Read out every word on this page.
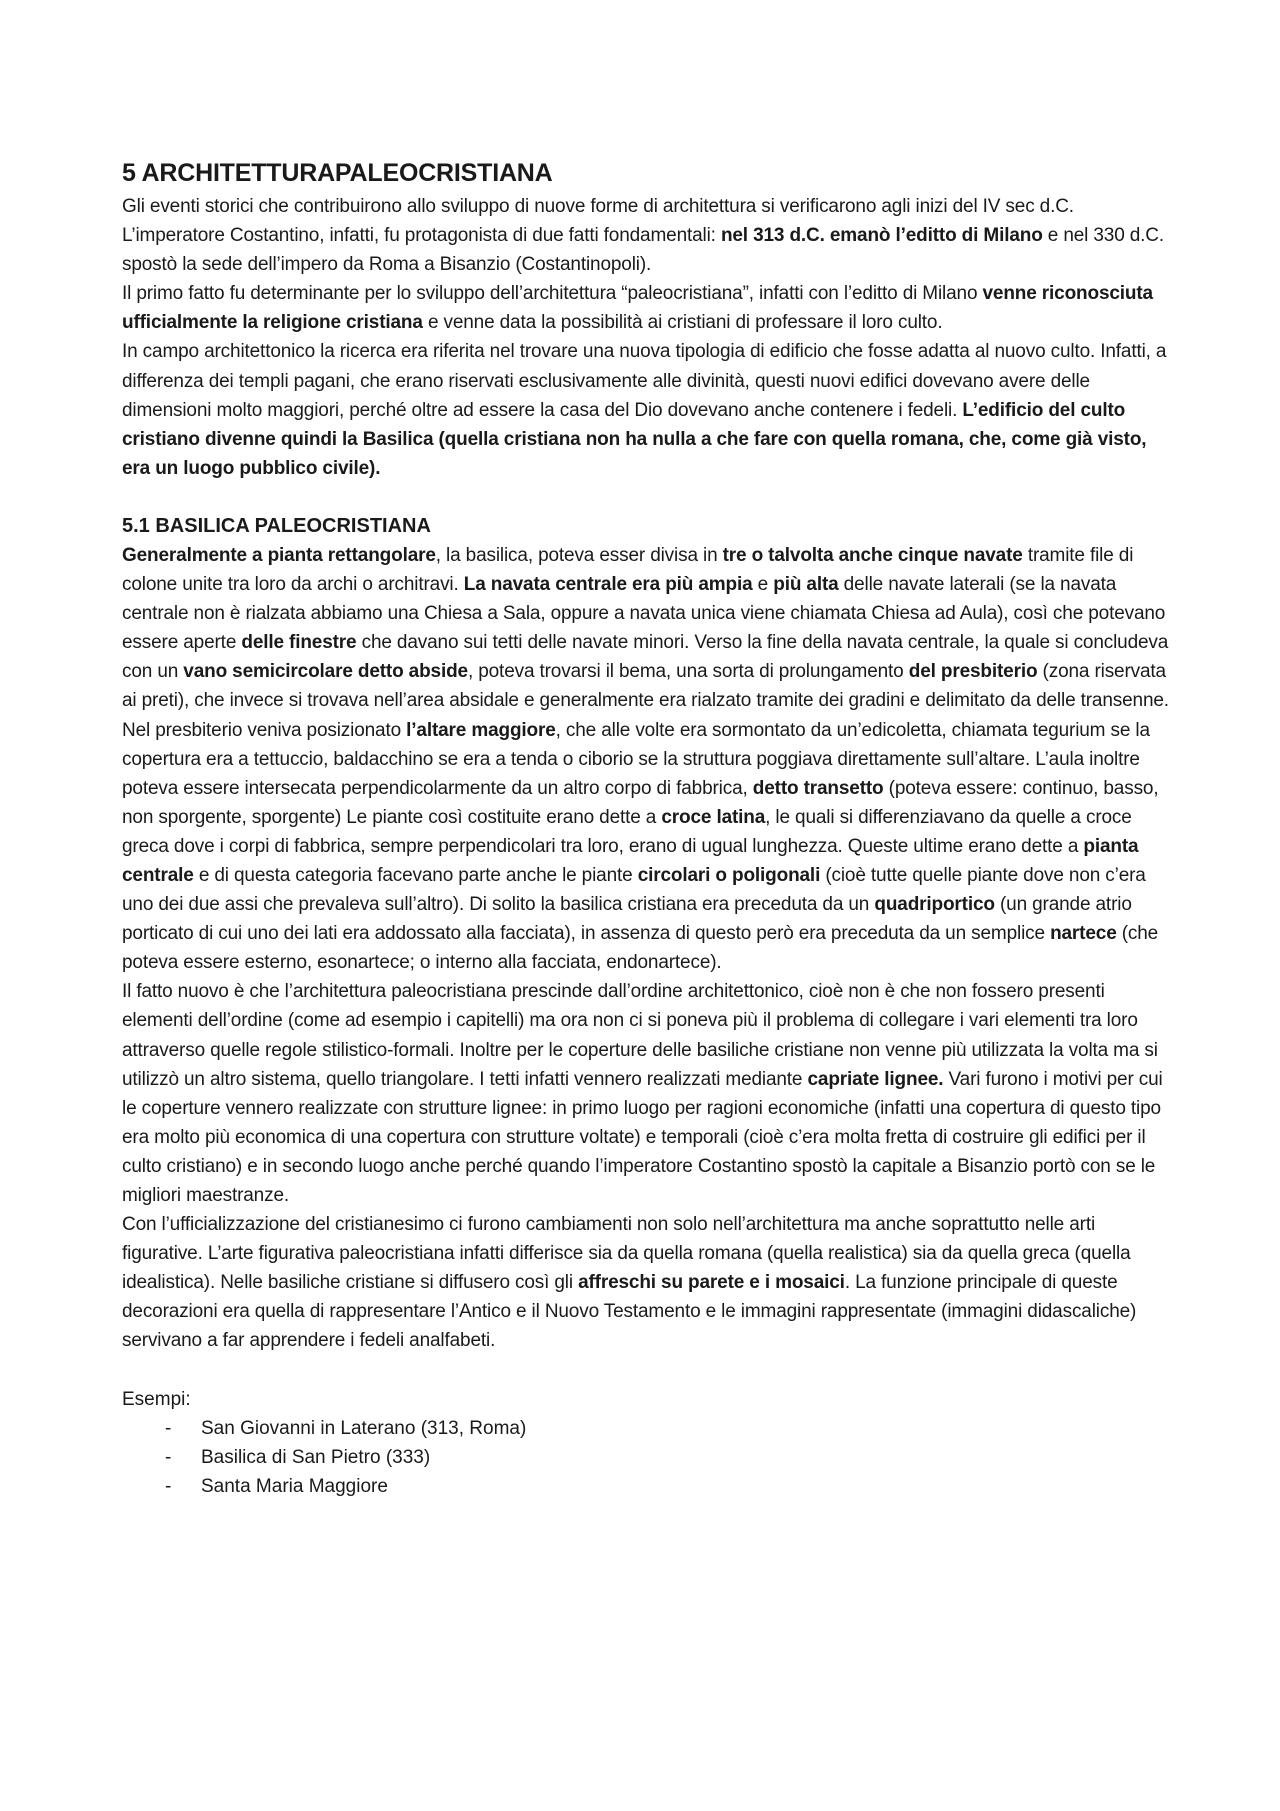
5 ARCHITETTURAPALEOCRISTIANA

Gli eventi storici che contribuirono allo sviluppo di nuove forme di architettura si verificarono agli inizi del IV sec d.C. L’imperatore Costantino, infatti, fu protagonista di due fatti fondamentali: nel 313 d.C. emanò l’editto di Milano e nel 330 d.C. spostò la sede dell’impero da Roma a Bisanzio (Costantinopoli).

Il primo fatto fu determinante per lo sviluppo dell’architettura “paleocristiana”, infatti con l’editto di Milano venne riconosciuta ufficialmente la religione cristiana e venne data la possibilità ai cristiani di professare il loro culto.

In campo architettonico la ricerca era riferita nel trovare una nuova tipologia di edificio che fosse adatta al nuovo culto. Infatti, a differenza dei templi pagani, che erano riservati esclusivamente alle divinità, questi nuovi edifici dovevano avere delle dimensioni molto maggiori, perché oltre ad essere la casa del Dio dovevano anche contenere i fedeli. L’edificio del culto cristiano divenne quindi la Basilica (quella cristiana non ha nulla a che fare con quella romana, che, come già visto, era un luogo pubblico civile).

5.1 BASILICA PALEOCRISTIANA

Generalmente a pianta rettangolare, la basilica, poteva esser divisa in tre o talvolta anche cinque navate tramite file di colone unite tra loro da archi o architravi. La navata centrale era più ampia e più alta delle navate laterali (se la navata centrale non è rialzata abbiamo una Chiesa a Sala, oppure a navata unica viene chiamata Chiesa ad Aula), così che potevano essere aperte delle finestre che davano sui tetti delle navate minori. Verso la fine della navata centrale, la quale si concludeva con un vano semicircolare detto abside, poteva trovarsi il bema, una sorta di prolungamento del presbiterio (zona riservata ai preti), che invece si trovava nell’area absidale e generalmente era rialzato tramite dei gradini e delimitato da delle transenne.

Nel presbiterio veniva posizionato l’altare maggiore, che alle volte era sormontato da un’edicoletta, chiamata tegurium se la copertura era a tettuccio, baldacchino se era a tenda o ciborio se la struttura poggiava direttamente sull’altare. L’aula inoltre poteva essere intersecata perpendicolarmente da un altro corpo di fabbrica, detto transetto (poteva essere: continuo, basso, non sporgente, sporgente) Le piante così costituite erano dette a croce latina, le quali si differenziavano da quelle a croce greca dove i corpi di fabbrica, sempre perpendicolari tra loro, erano di ugual lunghezza. Queste ultime erano dette a pianta centrale e di questa categoria facevano parte anche le piante circolari o poligonali (cioè tutte quelle piante dove non c’era uno dei due assi che prevaleva sull’altro). Di solito la basilica cristiana era preceduta da un quadriportico (un grande atrio porticato di cui uno dei lati era addossato alla facciata), in assenza di questo però era preceduta da un semplice nartece (che poteva essere esterno, esonartece; o interno alla facciata, endonartece).

Il fatto nuovo è che l’architettura paleocristiana prescinde dall’ordine architettonico, cioè non è che non fossero presenti elementi dell’ordine (come ad esempio i capitelli) ma ora non ci si poneva più il problema di collegare i vari elementi tra loro attraverso quelle regole stilistico-formali. Inoltre per le coperture delle basiliche cristiane non venne più utilizzata la volta ma si utilizzò un altro sistema, quello triangolare. I tetti infatti vennero realizzati mediante capriate lignee. Vari furono i motivi per cui le coperture vennero realizzate con strutture lignee: in primo luogo per ragioni economiche (infatti una copertura di questo tipo era molto più economica di una copertura con strutture voltate) e temporali (cioè c’era molta fretta di costruire gli edifici per il culto cristiano) e in secondo luogo anche perché quando l’imperatore Costantino spostò la capitale a Bisanzio portò con se le migliori maestranze.

Con l’ufficializzazione del cristianesimo ci furono cambiamenti non solo nell’architettura ma anche soprattutto nelle arti figurative. L’arte figurativa paleocristiana infatti differisce sia da quella romana (quella realistica) sia da quella greca (quella idealistica). Nelle basiliche cristiane si diffusero così gli affreschi su parete e i mosaici. La funzione principale di queste decorazioni era quella di rappresentare l’Antico e il Nuovo Testamento e le immagini rappresentate (immagini didascaliche) servivano a far apprendere i fedeli analfabeti.

Esempi:

- San Giovanni in Laterano (313, Roma)
- Basilica di San Pietro (333)
- Santa Maria Maggiore
